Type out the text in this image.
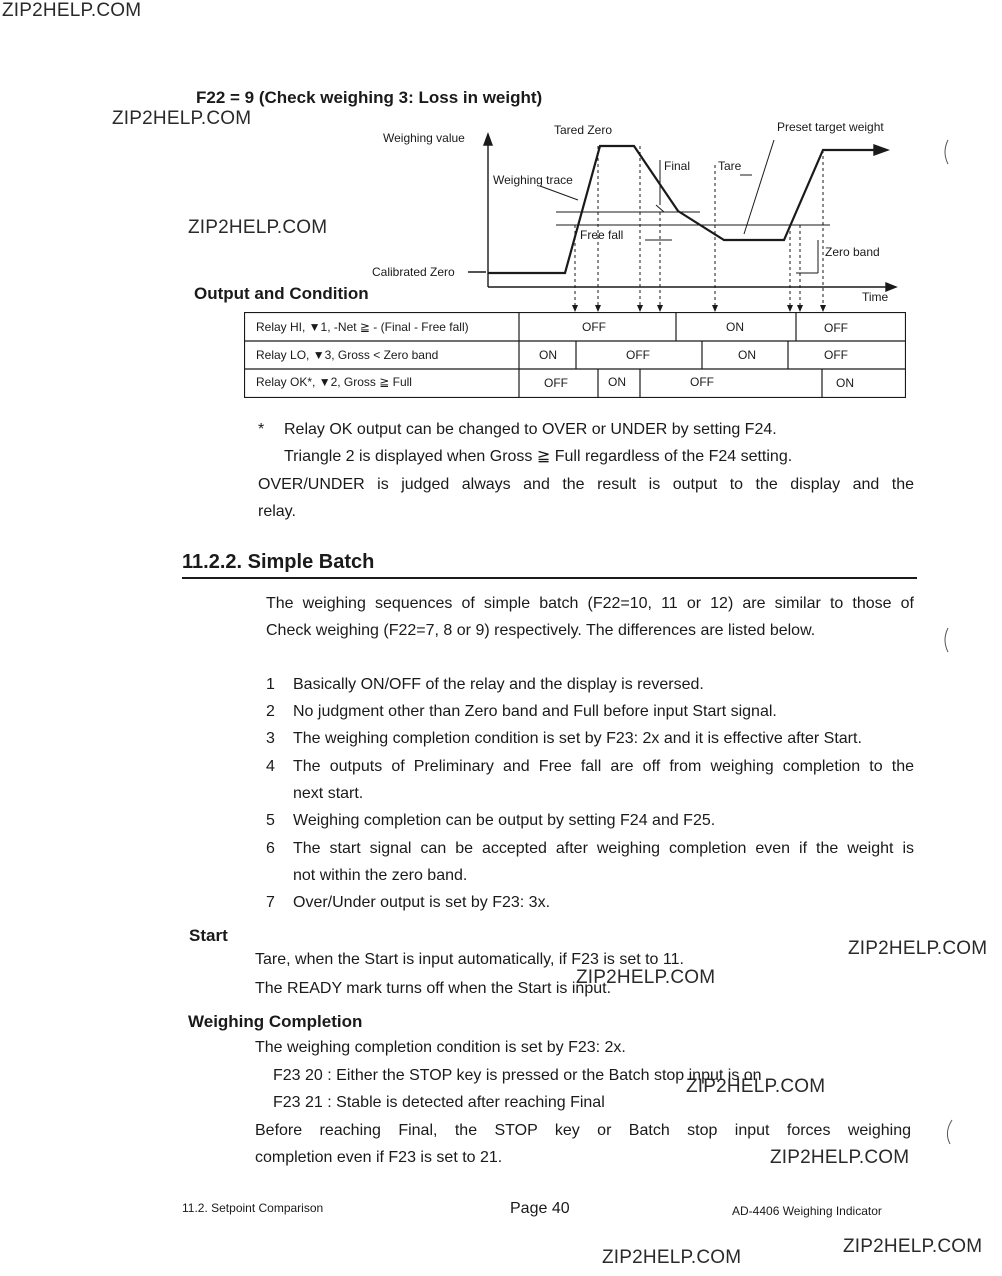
ZIP2HELP.COM
ZIP2HELP.COM
ZIP2HELP.COM
ZIP2HELP.COM
ZIP2HELP.COM
ZIP2HELP.COM
ZIP2HELP.COM
ZIP2HELP.COM
ZIP2HELP.COM
F22 = 9 (Check weighing 3: Loss in weight)
Weighing value
Tared Zero	Preset target weight
Final Tare
Weighing trace
Free fall
Zero band
Calibrated Zero
Time
Output and Condition
Relay HI, ▼1, -Net ≧ - (Final - Free fall)	OFF	ON	OFF
Relay LO, ▼3, Gross < Zero band	ON	OFF	ON	OFF
Relay OK*, ▼2, Gross ≧ Full	OFF	ON	OFF	ON
* Relay OK output can be changed to OVER or UNDER by setting F24.
Triangle 2 is displayed when Gross ≧ Full regardless of the F24 setting.
OVER/UNDER is judged always and the result is output to the display and the
relay.
11.2.2. Simple Batch
The weighing sequences of simple batch (F22=10, 11 or 12) are similar to those of
Check weighing (F22=7, 8 or 9) respectively. The differences are listed below.
1 Basically ON/OFF of the relay and the display is reversed.
2 No judgment other than Zero band and Full before input Start signal.
3 The weighing completion condition is set by F23: 2x and it is effective after Start.
4 The outputs of Preliminary and Free fall are off from weighing completion to the
next start.
5 Weighing completion can be output by setting F24 and F25.
6 The start signal can be accepted after weighing completion even if the weight is
not within the zero band.
7 Over/Under output is set by F23: 3x.
Start
Tare, when the Start is input automatically, if F23 is set to 11.
The READY mark turns off when the Start is input.
Weighing Completion
The weighing completion condition is set by F23: 2x.
F23 20 : Either the STOP key is pressed or the Batch stop input is on
F23 21 : Stable is detected after reaching Final
Before reaching Final, the STOP key or Batch stop input forces weighing
completion even if F23 is set to 21.
11.2. Setpoint Comparison	Page 40	AD-4406 Weighing Indicator
